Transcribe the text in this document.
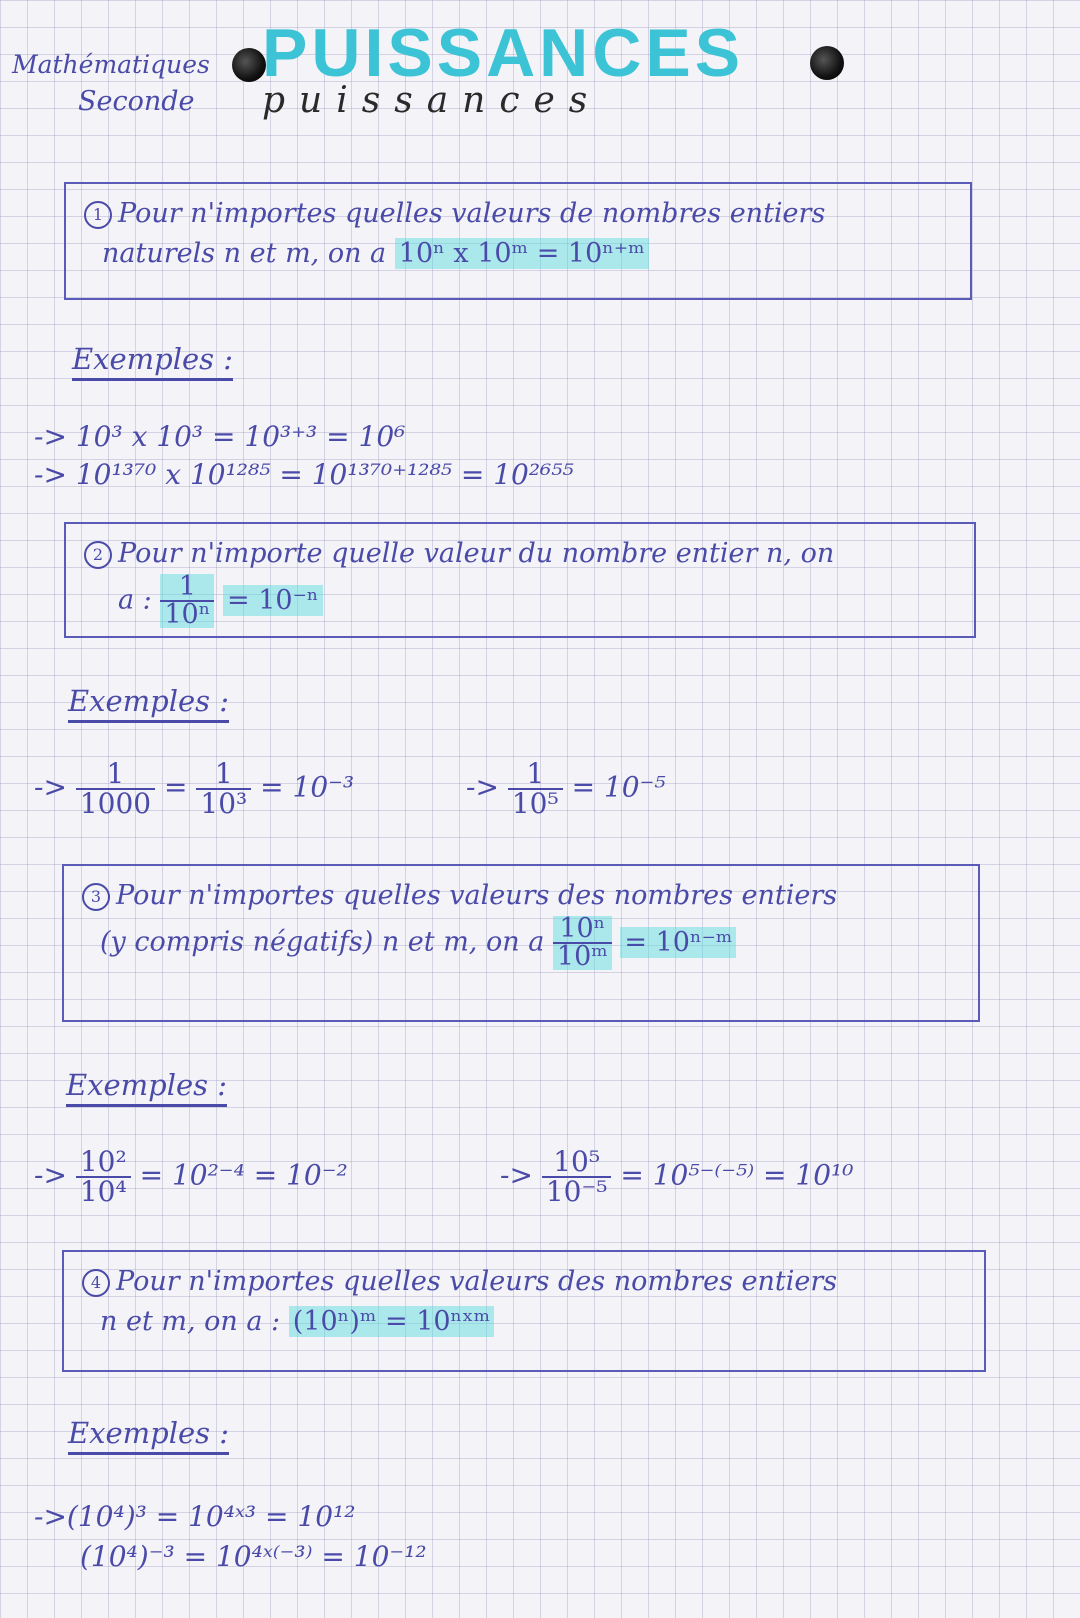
Mathématiques
Seconde
PUISSANCES
puissances
1 Pour n'importes quelles valeurs de nombres entiers
naturels n et m, on a 10ⁿ x 10ᵐ = 10ⁿ⁺ᵐ
Exemples :
-> 10³ x 10³ = 10³⁺³ = 10⁶
-> 10¹³⁷⁰ x 10¹²⁸⁵ = 10¹³⁷⁰⁺¹²⁸⁵ = 10²⁶⁵⁵
2 Pour n'importe quelle valeur du nombre entier n, on
a : $\frac{1}{\text{10ⁿ}} = 10^{-n}$
Exemples :
-> $\frac{1}{1000} = \frac{1}{\text{10³}} = 10^{-3}$	-> $\frac{1}{\text{10⁵}} = 10^{-5}$
3 Pour n'importes quelles valeurs des nombres entiers
(y compris négatifs) n et m, on a $\frac{\text{10ⁿ}}{\text{10ᵐ}}$ = 10ⁿ⁻ᵐ
Exemples :
-> $\frac{\text{10²}}{\text{10⁴}} = 10^{2-4} = 10^{-2}$	-> $\frac{\text{10⁵}}{\text{10⁻⁵}} = 10^{5-(-5)} = 10^{10}$
4 Pour n'importes quelles valeurs des nombres entiers
n et m, on a : (10ⁿ)ᵐ = 10ⁿˣᵐ
Exemples :
->(10⁴)³ = 10⁴ˣ³ = 10¹²
(10⁴)⁻³ = 10⁴ˣ⁽⁻³⁾ = 10⁻¹²
